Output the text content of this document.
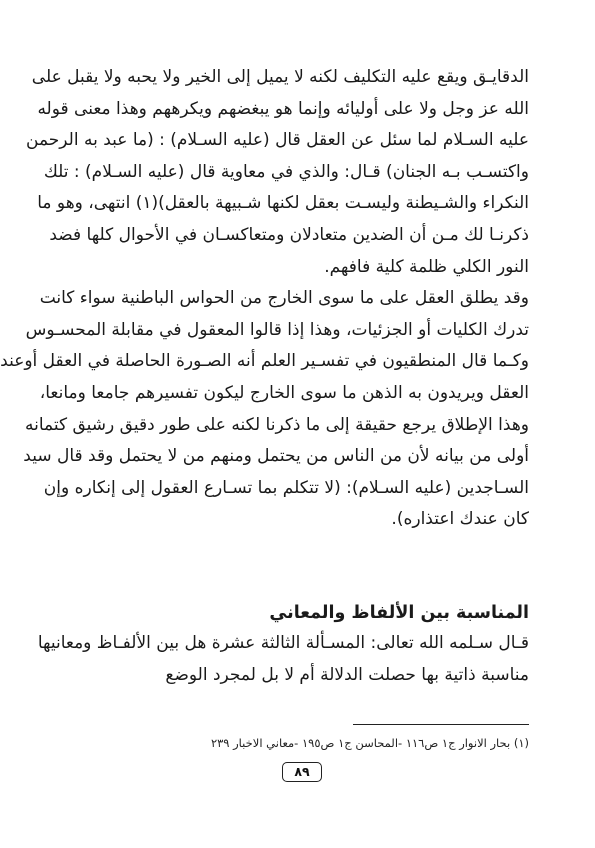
الدقايـق ويقع عليه التكليف لكنه لا يميل إلى الخير ولا يحبه ولا يقبل على
الله عز وجل ولا على أوليائه وإنما هو يبغضهم ويكرههم وهذا معنى قوله
عليه السـلام لما سئل عن العقل قال (عليه السـلام) : (ما عبد به الرحمن
واكتسـب بـه الجنان) قـال: والذي في معاوية قال (عليه السـلام) : تلك
النكراء والشـيطنة وليسـت بعقل لكنها شـبيهة بالعقل)(١) انتهى، وهو ما
ذكرنـا لك مـن أن الضدين متعادلان ومتعاكسـان في الأحوال كلها فضد
النور الكلي ظلمة كلية فافهم.
وقد يطلق العقل على ما سوى الخارج من الحواس الباطنية سواء كانت
تدرك الكليات أو الجزئيات، وهذا إذا قالوا المعقول في مقابلة المحسـوس
وكـما قال المنطقيون في تفسـير العلم أنه الصـورة الحاصلة في العقل أوعند
العقل ويريدون به الذهن ما سوى الخارج ليكون تفسيرهم جامعا ومانعا،
وهذا الإطلاق يرجع حقيقة إلى ما ذكرنا لكنه على طور دقيق رشيق كتمانه
أولى من بيانه لأن من الناس من يحتمل ومنهم من لا يحتمل وقد قال سيد
السـاجدين (عليه السـلام): (لا تتكلم بما تسـارع العقول إلى إنكاره وإن
كان عندك اعتذاره).
المناسبة بين الألفاظ والمعاني
قـال سـلمه الله تعالى: المسـألة الثالثة عشرة هل بين الألفـاظ ومعانيها
مناسبة ذاتية بها حصلت الدلالة أم لا بل لمجرد الوضع
(١) بحار الانوار ج١ ص١١٦ -المحاسن ج١ ص١٩٥ -معاني الاخبار ٢٣٩
٨٩
